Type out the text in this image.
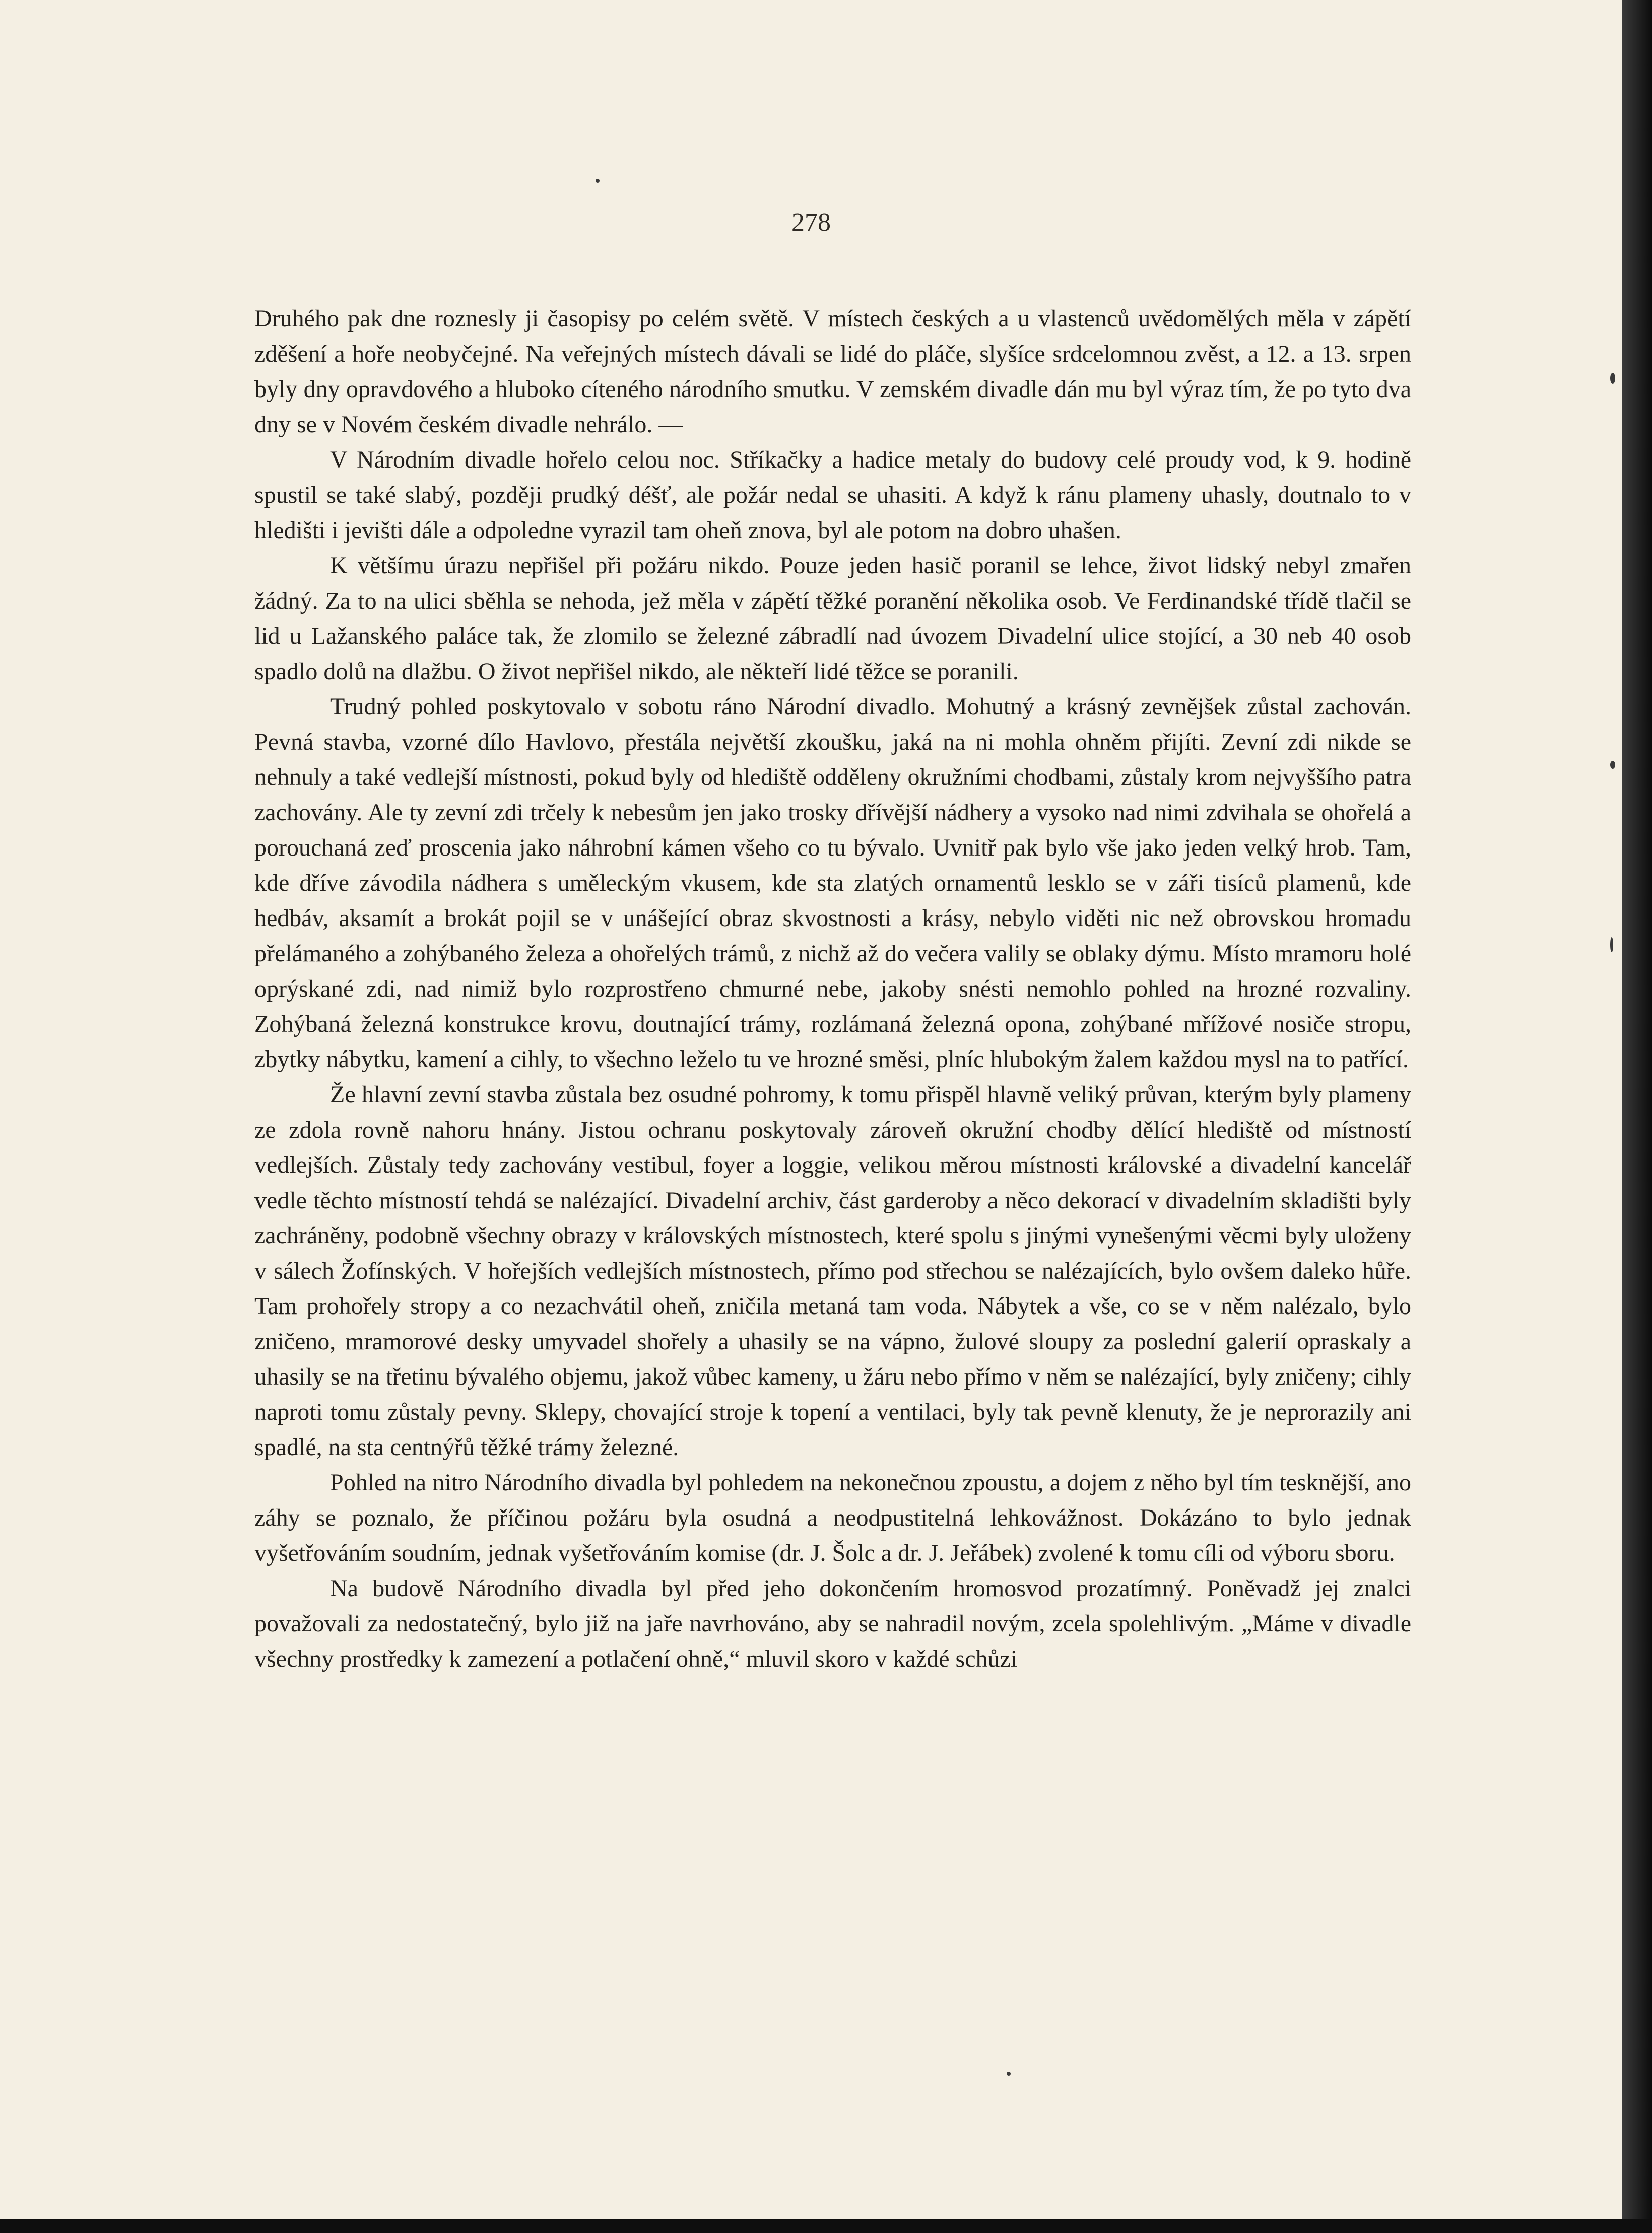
278

Druhého pak dne roznesly ji časopisy po celém světě. V místech českých a u vlastenců uvědomělých měla v zápětí zděšení a hoře neobyčejné. Na veřejných místech dávali se lidé do pláče, slyšíce srdcelomnou zvěst, a 12. a 13. srpen byly dny opravdového a hluboko cíteného národního smutku. V zemském divadle dán mu byl výraz tím, že po tyto dva dny se v Novém českém divadle nehrálo. —

V Národním divadle hořelo celou noc. Stříkačky a hadice metaly do budovy celé proudy vod, k 9. hodině spustil se také slabý, později prudký déšť, ale požár nedal se uhasiti. A když k ránu plameny uhasly, doutnalo to v hledišti i jevišti dále a odpoledne vyrazil tam oheň znova, byl ale potom na dobro uhašen.

K většímu úrazu nepřišel při požáru nikdo. Pouze jeden hasič poranil se lehce, život lidský nebyl zmařen žádný. Za to na ulici sběhla se nehoda, jež měla v zápětí těžké poranění několika osob. Ve Ferdinandské třídě tlačil se lid u Lažanského paláce tak, že zlomilo se železné zábradlí nad úvozem Divadelní ulice stojící, a 30 neb 40 osob spadlo dolů na dlažbu. O život nepřišel nikdo, ale někteří lidé těžce se poranili.

Trudný pohled poskytovalo v sobotu ráno Národní divadlo. Mohutný a krásný zevnějšek zůstal zachován. Pevná stavba, vzorné dílo Havlovo, přestála největší zkoušku, jaká na ni mohla ohněm přijíti. Zevní zdi nikde se nehnuly a také vedlejší místnosti, pokud byly od hlediště odděleny okružními chodbami, zůstaly krom nejvyššího patra zachovány. Ale ty zevní zdi trčely k nebesům jen jako trosky dřívější nádhery a vysoko nad nimi zdvihala se ohořelá a porouchaná zeď proscenia jako náhrobní kámen všeho co tu bývalo. Uvnitř pak bylo vše jako jeden velký hrob. Tam, kde dříve závodila nádhera s uměleckým vkusem, kde sta zlatých ornamentů lesklo se v záři tisíců plamenů, kde hedbáv, aksamít a brokát pojil se v unášející obraz skvostnosti a krásy, nebylo viděti nic než obrovskou hromadu přelámaného a zohýbaného železa a ohořelých trámů, z nichž až do večera valily se oblaky dýmu. Místo mramoru holé oprýskané zdi, nad nimiž bylo rozprostřeno chmurné nebe, jakoby snésti nemohlo pohled na hrozné rozvaliny. Zohýbaná železná konstrukce krovu, doutnající trámy, rozlámaná železná opona, zohýbané mřížové nosiče stropu, zbytky nábytku, kamení a cihly, to všechno leželo tu ve hrozné směsi, plníc hlubokým žalem každou mysl na to patřící.

Že hlavní zevní stavba zůstala bez osudné pohromy, k tomu přispěl hlavně veliký průvan, kterým byly plameny ze zdola rovně nahoru hnány. Jistou ochranu poskytovaly zároveň okružní chodby dělící hlediště od místností vedlejších. Zůstaly tedy zachovány vestibul, foyer a loggie, velikou měrou místnosti královské a divadelní kancelář vedle těchto místností tehdá se nalézající. Divadelní archiv, část garderoby a něco dekorací v divadelním skladišti byly zachráněny, podobně všechny obrazy v královských místnostech, které spolu s jinými vynešenými věcmi byly uloženy v sálech Žofínských. V hořejších vedlejších místnostech, přímo pod střechou se nalézajících, bylo ovšem daleko hůře. Tam prohořely stropy a co nezachvátil oheň, zničila metaná tam voda. Nábytek a vše, co se v něm nalézalo, bylo zničeno, mramorové desky umyvadel shořely a uhasily se na vápno, žulové sloupy za poslední galerií opraskaly a uhasily se na třetinu bývalého objemu, jakož vůbec kameny, u žáru nebo přímo v něm se nalézající, byly zničeny; cihly naproti tomu zůstaly pevny. Sklepy, chovající stroje k topení a ventilaci, byly tak pevně klenuty, že je neprorazily ani spadlé, na sta centnýřů těžké trámy železné.

Pohled na nitro Národního divadla byl pohledem na nekonečnou zpoustu, a dojem z něho byl tím tesknější, ano záhy se poznalo, že příčinou požáru byla osudná a neodpustitelná lehkovážnost. Dokázáno to bylo jednak vyšetřováním soudním, jednak vyšetřováním komise (dr. J. Šolc a dr. J. Jeřábek) zvolené k tomu cíli od výboru sboru.

Na budově Národního divadla byl před jeho dokončením hromosvod prozatímný. Poněvadž jej znalci považovali za nedostatečný, bylo již na jaře navrhováno, aby se nahradil novým, zcela spolehlivým. „Máme v divadle všechny prostředky k zamezení a potlačení ohně,“ mluvil skoro v každé schůzi
